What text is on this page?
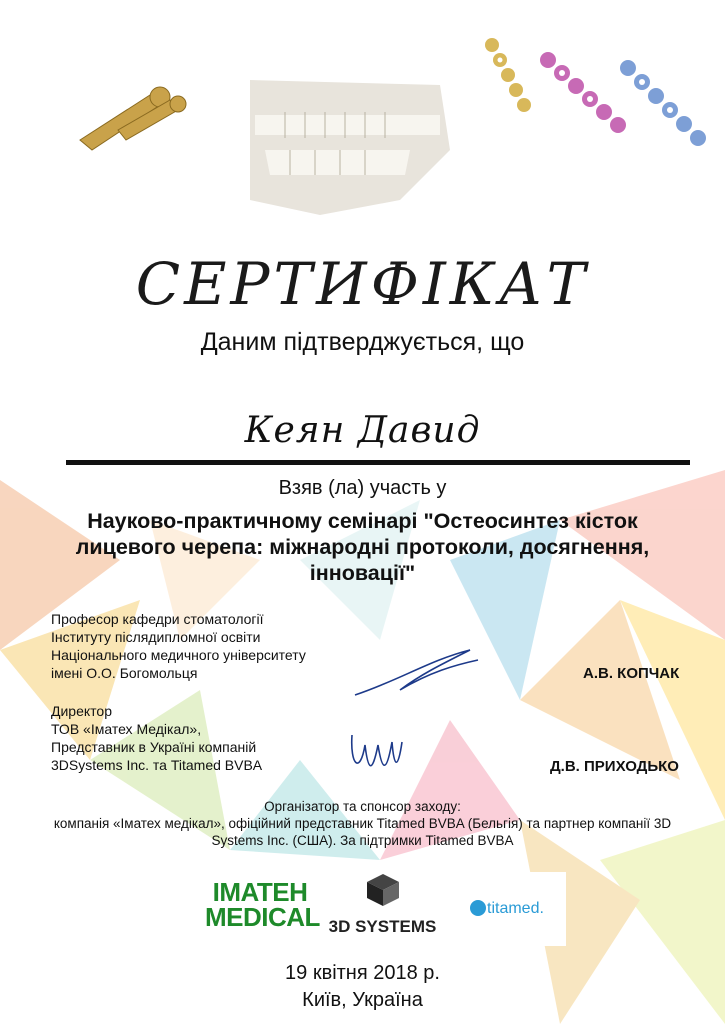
СЕРТИФІКАТ
Даним підтверджується, що
Кеян Давид
Взяв (ла) участь у
Науково-практичному семінарі "Остеосинтез кісток
лицевого черепа: міжнародні протоколи, досягнення,
інновації"
Професор кафедри стоматології
Інституту післядипломної освіти
Національного медичного університету
імені О.О. Богомольця	А.В. КОПЧАК
Директор
ТОВ «Іматех Медікал»,
Представник в Україні компаній
3DSystems Inc. та Titamed BVBA	Д.В. ПРИХОДЬКО
Організатор та спонсор заходу:
компанія «Іматех медікал», офіційний представник Titamed BVBA (Бельгія) та партнер компанії 3D
Systems Inc. (США). За підтримки Titamed BVBA
IMATEH
MEDICAL 3D SYSTEMS
titamed.
19 квітня 2018 р.
Київ, Україна
